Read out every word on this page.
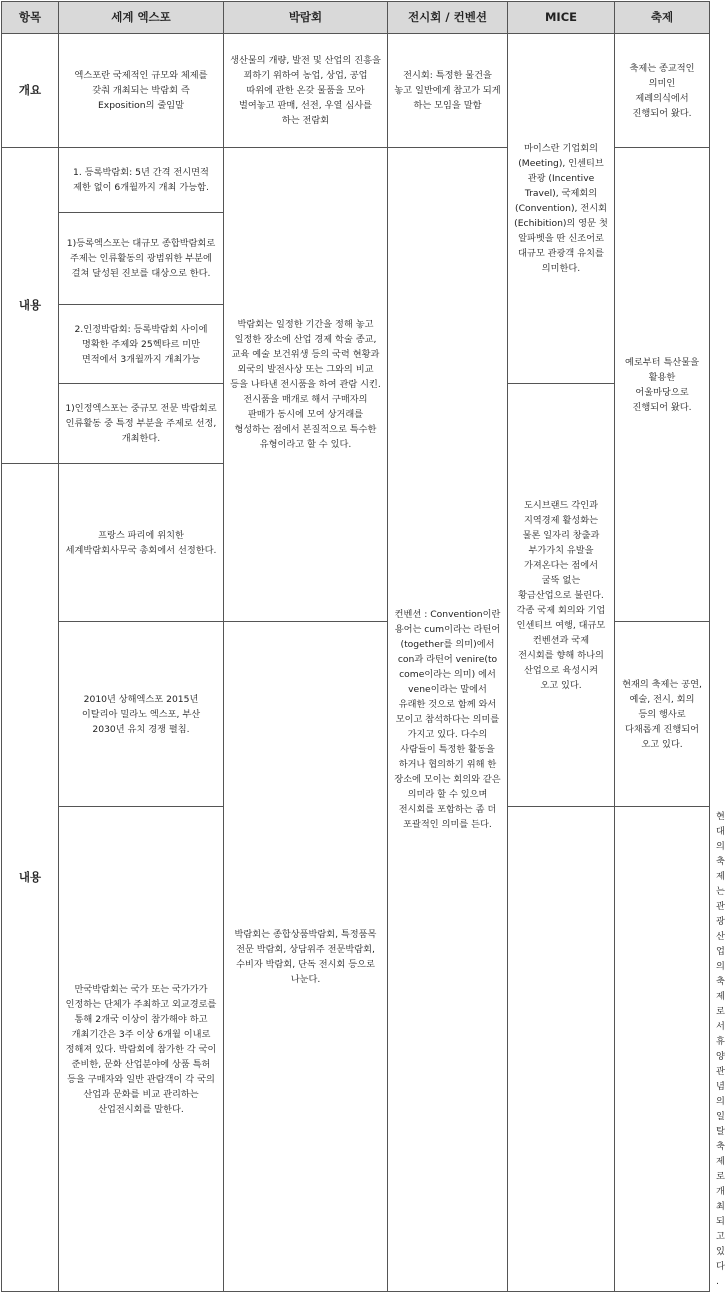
항목	세계 엑스포	박람회	전시회 / 컨벤션	MICE	축제	
개요	엑스포란 국제적인 규모와 체제를 갖춰 개최되는 박람회 즉 Exposition의 줄임말	생산물의 개량, 발전 및 산업의 진흥을 꾀하기 위하여 농업, 상업, 공업 따위에 관한 온갖 물품을 모아 벌여놓고 판매, 선전, 우열 심사를 하는 전람회	전시회: 특정한 물건을 놓고 일반에게 참고가 되게 하는 모임을 말함	마이스란 기업회의 (Meeting), 인센티브 관광 (Incentive Travel), 국제회의 (Convention), 전시회 (Echibition)의 영문 첫 알파벳을 딴 신조어로 대규모 관광객 유치를 의미한다.	축제는 종교적인 의미인 제례의식에서 진행되어 왔다.	
내용	1. 등록박람회: 5년 간격 전시면적 제한 없이 6개월까지 개최 가능함.	박람회는 일정한 기간을 정해 놓고 일정한 장소에 산업 경제 학술 종교, 교육 예술 보건위생 등의 국력 현황과 외국의 발전사상 또는 그와의 비교 등을 나타낸 전시품을 하여 관람 시킨. 전시품을 매개로 해서 구매자의 판매가 동시에 모여 상거래를 형성하는 점에서 본질적으로 특수한 유형이라고 할 수 있다.	컨벤션 : Convention이란 용어는 cum이라는 라틴어(together를 의미)에서 con과 라틴어 venire(to come이라는 의미) 에서 vene이라는 말에서 유래한 것으로 함께 와서 모이고 참석하다는 의미를 가지고 있다. 다수의 사람들이 특정한 활동을 하거나 협의하기 위해 한 장소에 모이는 회의와 같은 의미라 할 수 있으며 전시회를 포함하는 좀 더 포괄적인 의미를 든다.		예로부터 특산물을 활용한 어울마당으로 진행되어 왔다.	
	1)등록엑스포는 대규모 종합박람회로 주제는 인류활동의 광범위한 부분에 걸쳐 달성된 진보를 대상으로 한다.					
	2.인정박람회: 등록박람회 사이에 명확한 주제와 25헥타르 미만 면적에서 3개월까지 개최가능					
	1)인정엑스포는 중규모 전문 박람회로 인류활동 중 특정 부분을 주제로 선정, 개최한다.			도시브랜드 각인과 지역경제 활성화는 물론 일자리 창출과 부가가치 유발을 가져온다는 점에서 굴뚝 없는 황금산업으로 불린다. 각종 국제 회의와 기업 인센티브 여행, 대규모 컨벤션과 국제 전시회를 향해 하나의 산업으로 육성시켜 오고 있다.		
내용	프랑스 파리에 위치한 세계박람회사무국 총회에서 선정한다.					
	2010년 상해엑스포 2015년 이탈리아 밀라노 엑스포, 부산 2030년 유치 경쟁 펼침.	박람회는 종합상품박람회, 특정품목 전문 박람회, 상담위주 전문박람회, 수비자 박람회, 단독 전시회 등으로 나눈다.			현재의 축제는 공연, 예술, 전시, 회의 등의 행사로 다채롭게 진행되어 오고 있다.	
	만국박람회는 국가 또는 국가가가 인정하는 단체가 주최하고 외교경로를 통해 2개국 이상이 참가해야 하고 개최기간은 3주 이상 6개월 이내로 정해져 있다. 박람회에 참가한 각 국이 준비한, 문화 산업분야에 상품 특허 등을 구매자와 일반 관람객이 각 국의 산업과 문화를 비교 관리하는 산업전시회를 말한다.					현대의 축제는 관광 산업의 축제로서 휴양 관념의 일탈축제로 개최되고 있다.
